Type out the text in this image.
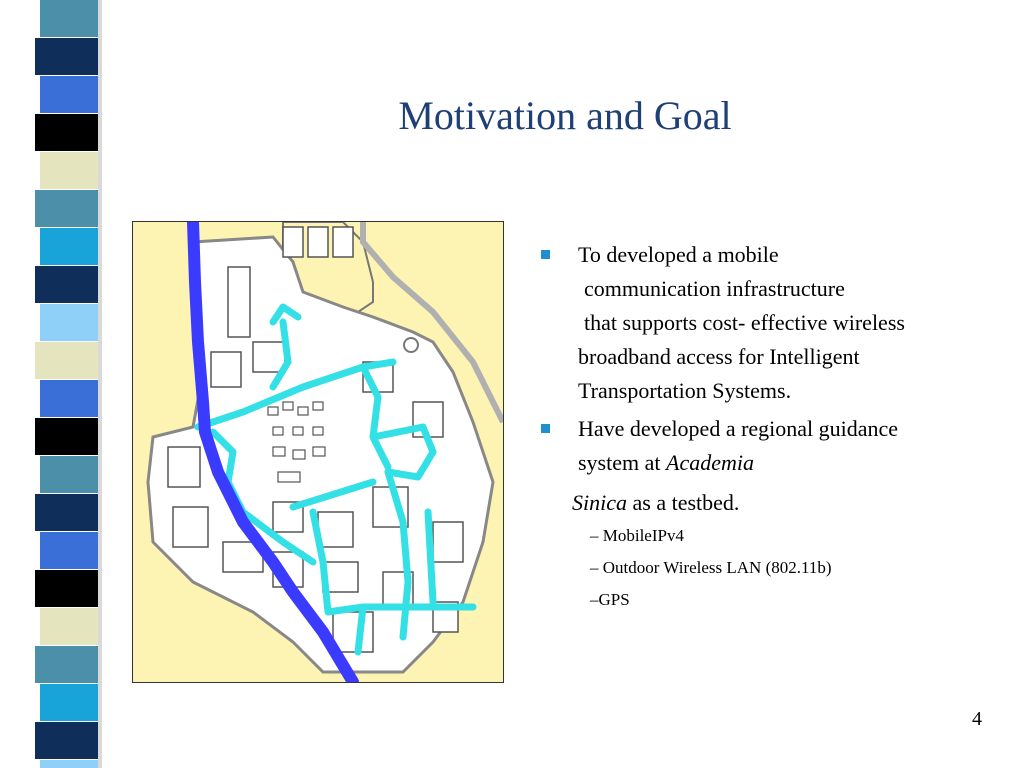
Motivation and Goal
To developed a mobile
communication infrastructure
that supports cost- effective wireless
broadband access for Intelligent
Transportation Systems.
Have developed a regional guidance
system at Academia
Sinica as a testbed.
– MobileIPv4
– Outdoor Wireless LAN (802.11b)
–GPS
4
